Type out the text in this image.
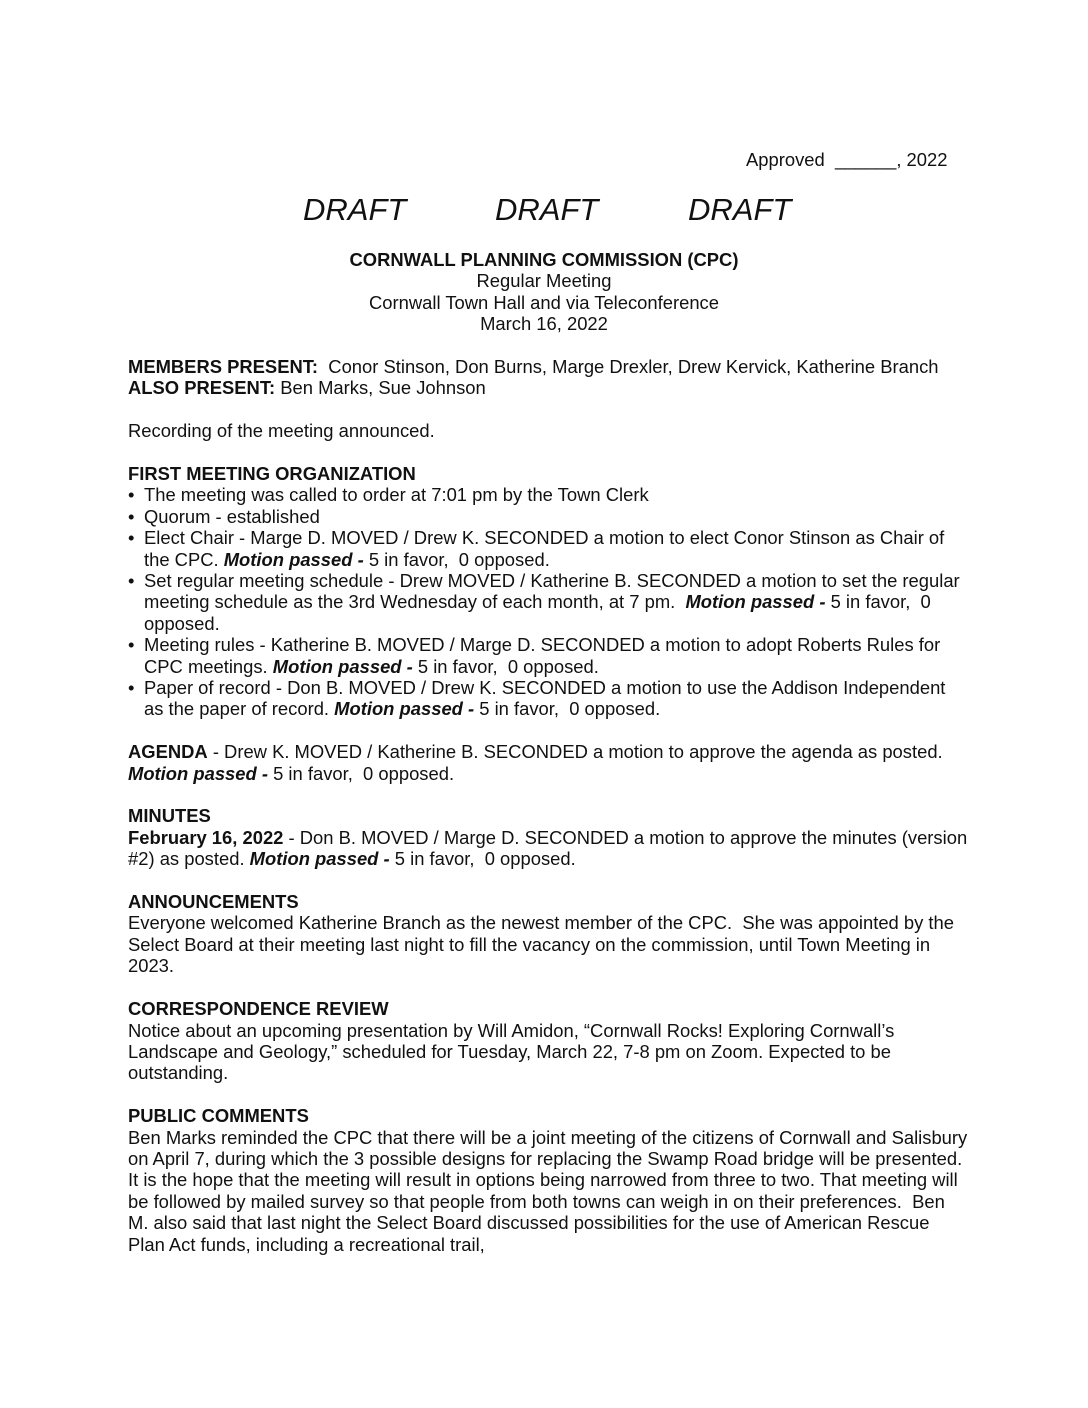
Approved  ______, 2022
DRAFT	DRAFT	DRAFT
CORNWALL PLANNING COMMISSION (CPC)
Regular Meeting
Cornwall Town Hall and via Teleconference
March 16, 2022

MEMBERS PRESENT:  Conor Stinson, Don Burns, Marge Drexler, Drew Kervick, Katherine Branch

ALSO PRESENT: Ben Marks, Sue Johnson

Recording of the meeting announced.

FIRST MEETING ORGANIZATION

• The meeting was called to order at 7:01 pm by the Town Clerk
• Quorum - established
• Elect Chair - Marge D. MOVED / Drew K. SECONDED a motion to elect Conor Stinson as Chair of the CPC. Motion passed - 5 in favor,  0 opposed.
• Set regular meeting schedule - Drew MOVED / Katherine B. SECONDED a motion to set the regular meeting schedule as the 3rd Wednesday of each month, at 7 pm.  Motion passed - 5 in favor,  0 opposed.
• Meeting rules - Katherine B. MOVED / Marge D. SECONDED a motion to adopt Roberts Rules for CPC meetings. Motion passed - 5 in favor,  0 opposed.
• Paper of record - Don B. MOVED / Drew K. SECONDED a motion to use the Addison Independent as the paper of record. Motion passed - 5 in favor,  0 opposed.

AGENDA - Drew K. MOVED / Katherine B. SECONDED a motion to approve the agenda as posted. Motion passed - 5 in favor,  0 opposed.

MINUTES

February 16, 2022 - Don B. MOVED / Marge D. SECONDED a motion to approve the minutes (version #2) as posted. Motion passed - 5 in favor,  0 opposed.

ANNOUNCEMENTS

Everyone welcomed Katherine Branch as the newest member of the CPC.  She was appointed by the Select Board at their meeting last night to fill the vacancy on the commission, until Town Meeting in 2023.

CORRESPONDENCE REVIEW

Notice about an upcoming presentation by Will Amidon, “Cornwall Rocks! Exploring Cornwall’s Landscape and Geology,” scheduled for Tuesday, March 22, 7-8 pm on Zoom. Expected to be outstanding.

PUBLIC COMMENTS

Ben Marks reminded the CPC that there will be a joint meeting of the citizens of Cornwall and Salisbury on April 7, during which the 3 possible designs for replacing the Swamp Road bridge will be presented. It is the hope that the meeting will result in options being narrowed from three to two. That meeting will be followed by mailed survey so that people from both towns can weigh in on their preferences.  Ben M. also said that last night the Select Board discussed possibilities for the use of American Rescue Plan Act funds, including a recreational trail,
